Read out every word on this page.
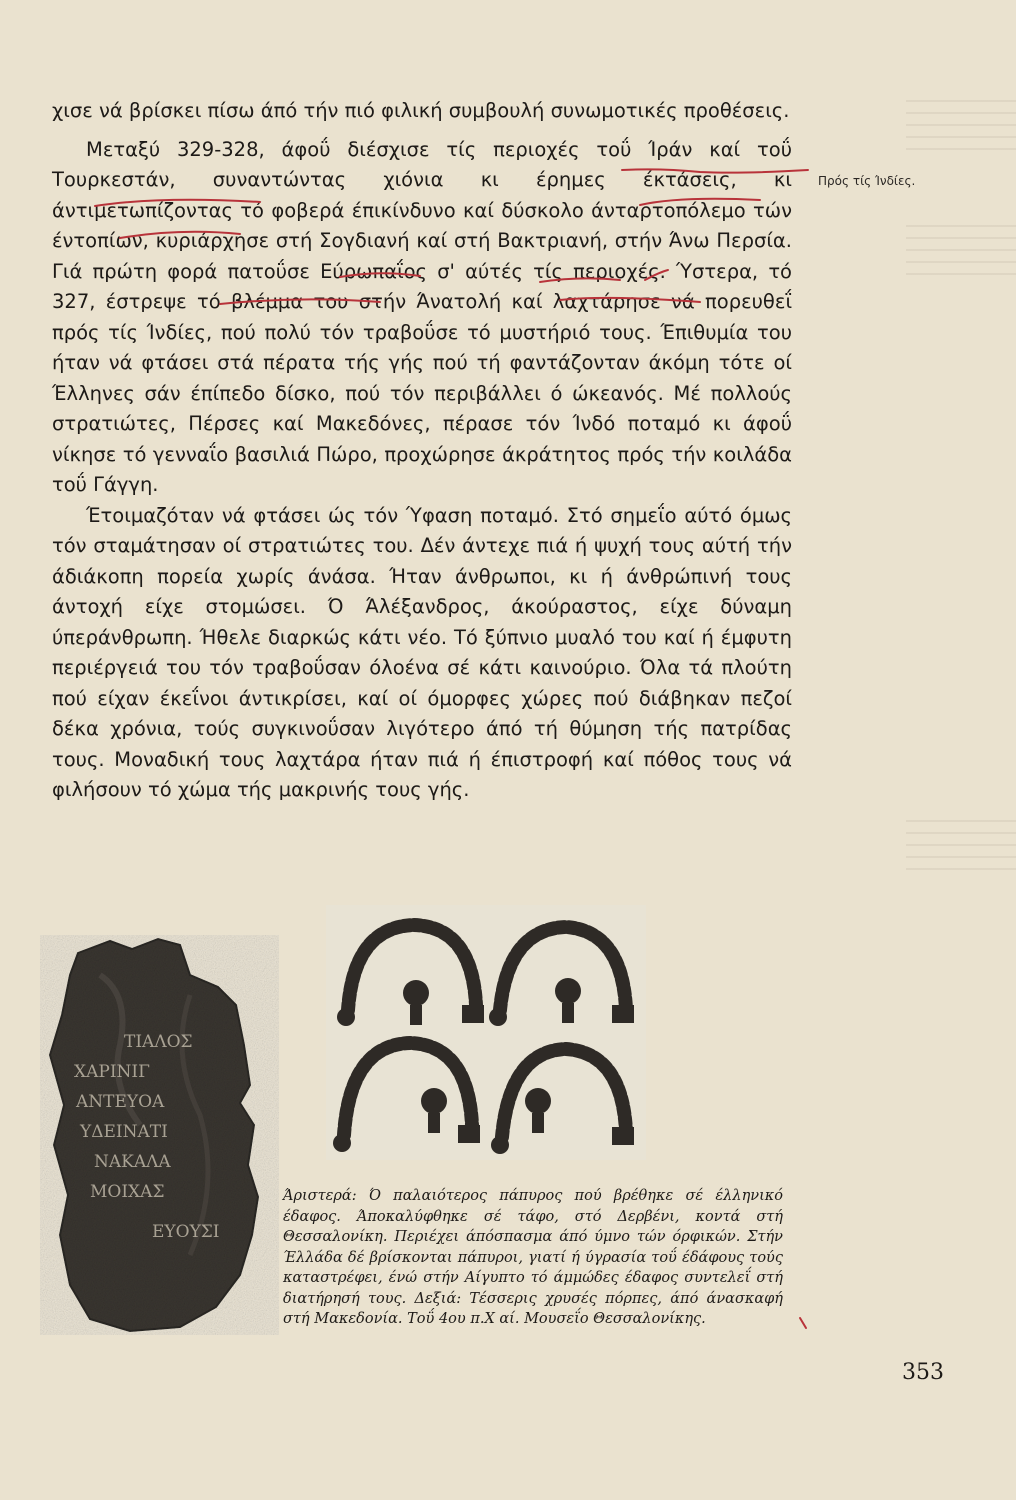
χισε νά βρίσκει πίσω άπό τήν πιό φιλική συμβουλή συνωμοτικές προθέσεις.

Μεταξύ 329-328, άφοΰ διέσχισε τίς περιοχές τοΰ Ίράν καί τοΰ Τουρκεστάν, συναντώντας χιόνια κι έρημες έκτάσεις, κι άντιμετωπίζοντας τό φοβερά έπικίνδυνο καί δύσκολο άνταρτοπόλεμο τών έντοπίων, κυριάρχησε στή Σογδιανή καί στή Βακτριανή, στήν Άνω Περσία. Γιά πρώτη φορά πατοΰσε Εύρωπαΐος σ' αύτές τίς περιοχές. Ύστερα, τό 327, έστρεψε τό βλέμμα του στήν Άνατολή καί λαχτάρησε νά πορευθεΐ πρός τίς Ίνδίες, πού πολύ τόν τραβοΰσε τό μυστήριό τους. Έπιθυμία του ήταν νά φτάσει στά πέρατα τής γής πού τή φαντάζονταν άκόμη τότε οί Έλληνες σάν έπίπεδο δίσκο, πού τόν περιβάλλει ό ώκεανός. Μέ πολλούς στρατιώτες, Πέρσες καί Μακεδόνες, πέρασε τόν Ίνδό ποταμό κι άφοΰ νίκησε τό γενναΐο βασιλιά Πώρο, προχώρησε άκράτητος πρός τήν κοιλάδα τοΰ Γάγγη.

Έτοιμαζόταν νά φτάσει ώς τόν Ύφαση ποταμό. Στό σημεΐο αύτό όμως τόν σταμάτησαν οί στρατιώτες του. Δέν άντεχε πιά ή ψυχή τους αύτή τήν άδιάκοπη πορεία χωρίς άνάσα. Ήταν άνθρωποι, κι ή άνθρώπινή τους άντοχή είχε στομώσει. Ό Άλέξανδρος, άκούραστος, είχε δύναμη ύπεράνθρωπη. Ήθελε διαρκώς κάτι νέο. Τό ξύπνιο μυαλό του καί ή έμφυτη περιέργειά του τόν τραβοΰσαν όλοένα σέ κάτι καινούριο. Όλα τά πλούτη πού είχαν έκεΐνοι άντικρίσει, καί οί όμορφες χώρες πού διάβηκαν πεζοί δέκα χρόνια, τούς συγκινοΰσαν λιγότερο άπό τή θύμηση τής πατρίδας τους. Μοναδική τους λαχτάρα ήταν πιά ή έπιστροφή καί πόθος τους νά φιλήσουν τό χώμα τής μακρινής τους γής.

Πρός τίς Ίνδίες.
ΤΙΑΛΟΣ
ΧΑΡΙΝΙΓ
ΑΝΤΕΥΟΑ
ΥΔΕΙΝΑΤΙ
ΝΑΚΑΛΑ
ΜΟΙΧΑΣ
ΕΥΟΥΣΙ
Άριστερά: Ό παλαιότερος πάπυρος πού βρέθηκε σέ έλληνικό έδαφος. Άποκαλύφθηκε σέ τάφο, στό Δερβένι, κοντά στή Θεσσαλονίκη. Περιέχει άπόσπασμα άπό ύμνο τών όρφικών. Στήν Έλλάδα δέ βρίσκονται πάπυροι, γιατί ή ύγρασία τοΰ έδάφους τούς καταστρέφει, ένώ στήν Αίγυπτο τό άμμώδες έδαφος συντελεΐ στή διατήρησή τους. Δεξιά: Τέσσερις χρυσές πόρπες, άπό άνασκαφή στή Μακεδονία. Τοΰ 4ου π.Χ αί. Μουσεΐο Θεσσαλονίκης.
353
